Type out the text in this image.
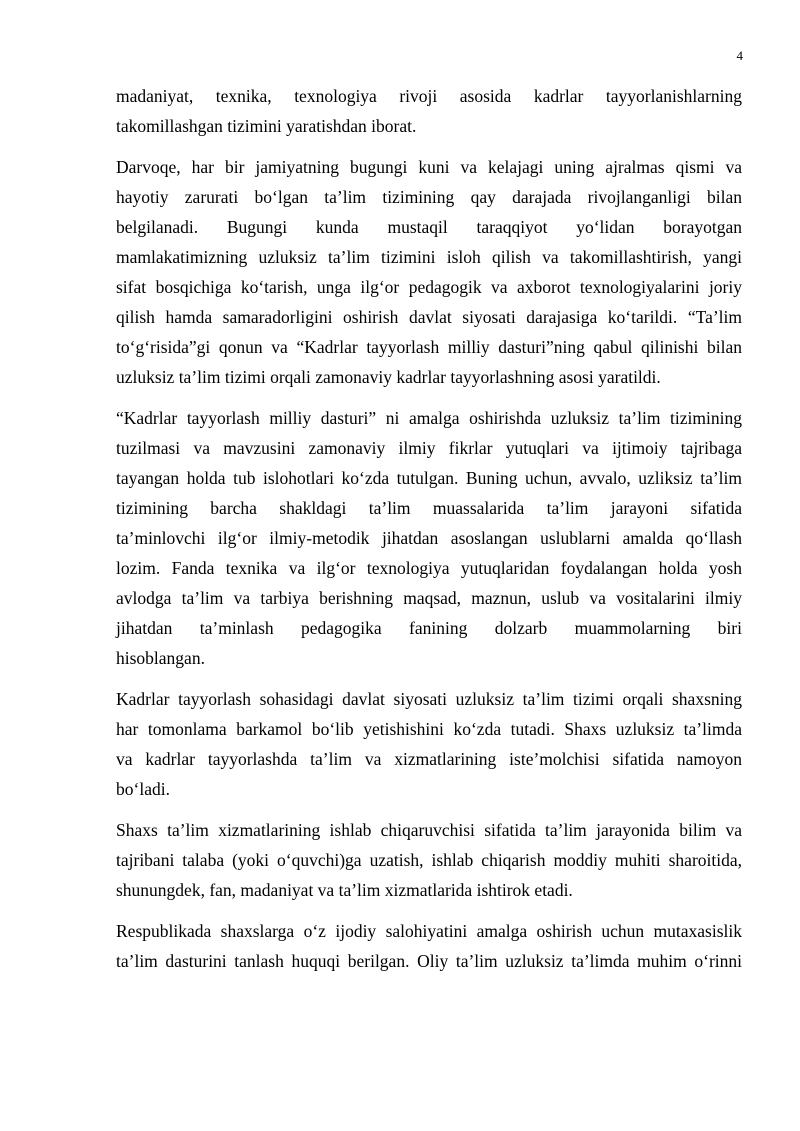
4

madaniyat, texnika, texnologiya rivoji asosida kadrlar tayyorlanishlarning
takomillashgan tizimini yaratishdan iborat.

Darvoqe, har bir jamiyatning bugungi kuni va kelajagi uning ajralmas qismi va
hayotiy zarurati bo‘lgan ta’lim tizimining qay darajada rivojlanganligi bilan
belgilanadi. Bugungi kunda mustaqil taraqqiyot yo‘lidan borayotgan
mamlakatimizning uzluksiz ta’lim tizimini isloh qilish va takomillashtirish, yangi
sifat bosqichiga ko‘tarish, unga ilg‘or pedagogik va axborot texnologiyalarini joriy
qilish hamda samaradorligini oshirish davlat siyosati darajasiga ko‘tarildi. “Ta’lim
to‘g‘risida”gi qonun va “Kadrlar tayyorlash milliy dasturi”ning qabul qilinishi bilan
uzluksiz ta’lim tizimi orqali zamonaviy kadrlar tayyorlashning asosi yaratildi.

“Kadrlar tayyorlash milliy dasturi” ni amalga oshirishda uzluksiz ta’lim tizimining
tuzilmasi va mavzusini zamonaviy ilmiy fikrlar yutuqlari va ijtimoiy tajribaga
tayangan holda tub islohotlari ko‘zda tutulgan. Buning uchun, avvalo, uzliksiz ta’lim
tizimining barcha shakldagi ta’lim muassalarida ta’lim jarayoni sifatida
ta’minlovchi ilg‘or ilmiy-metodik jihatdan asoslangan uslublarni amalda qo‘llash
lozim. Fanda texnika va ilg‘or texnologiya yutuqlaridan foydalangan holda yosh
avlodga ta’lim va tarbiya berishning maqsad, maznun, uslub va vositalarini ilmiy
jihatdan ta’minlash pedagogika fanining dolzarb muammolarning biri
hisoblangan.

Kadrlar tayyorlash sohasidagi davlat siyosati uzluksiz ta’lim tizimi orqali shaxsning
har tomonlama barkamol bo‘lib yetishishini ko‘zda tutadi. Shaxs uzluksiz ta’limda
va kadrlar tayyorlashda ta’lim va xizmatlarining iste’molchisi sifatida namoyon
bo‘ladi.

Shaxs ta’lim xizmatlarining ishlab chiqaruvchisi sifatida ta’lim jarayonida bilim va
tajribani talaba (yoki o‘quvchi)ga uzatish, ishlab chiqarish moddiy muhiti sharoitida,
shunungdek, fan, madaniyat va ta’lim xizmatlarida ishtirok etadi.

Respublikada shaxslarga o‘z ijodiy salohiyatini amalga oshirish uchun mutaxasislik
ta’lim dasturini tanlash huquqi berilgan. Oliy ta’lim uzluksiz ta’limda muhim o‘rinni
